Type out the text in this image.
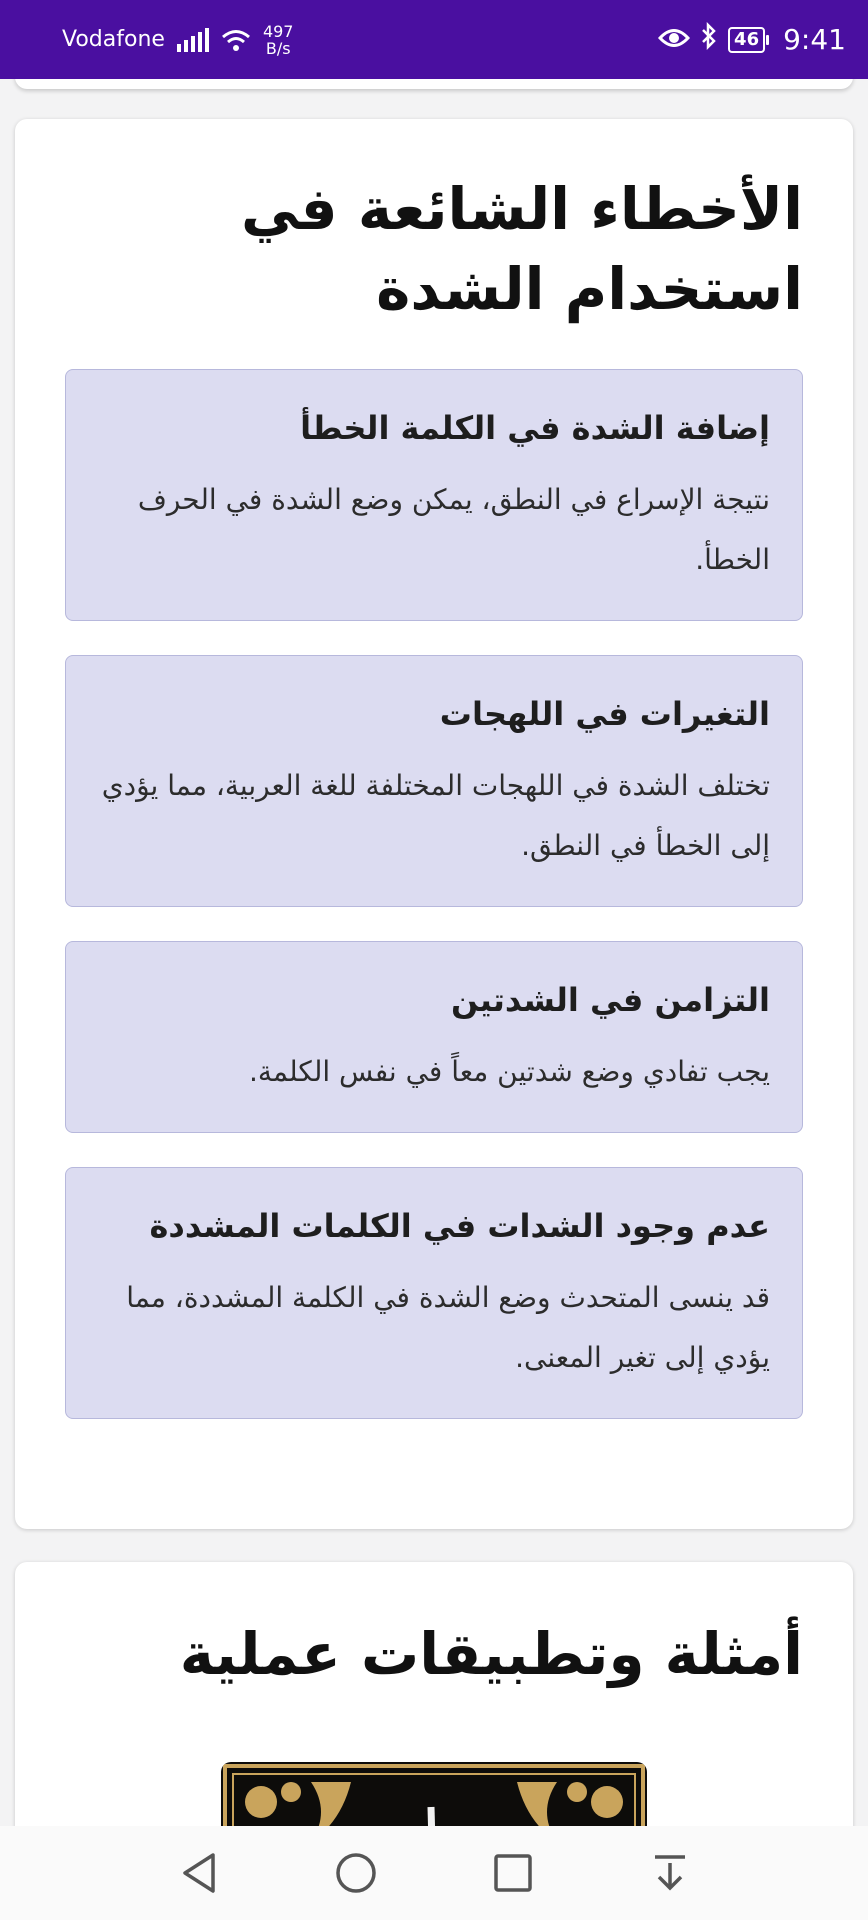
Vodafone	497
B/s	46 9:41
الأخطاء الشائعة في استخدام الشدة
إضافة الشدة في الكلمة الخطأ
نتيجة الإسراع في النطق، يمكن وضع الشدة في الحرف الخطأ.
التغيرات في اللهجات
تختلف الشدة في اللهجات المختلفة للغة العربية، مما يؤدي إلى الخطأ في النطق.
التزامن في الشدتين
يجب تفادي وضع شدتين معاً في نفس الكلمة.
عدم وجود الشدات في الكلمات المشددة
قد ينسى المتحدث وضع الشدة في الكلمة المشددة، مما يؤدي إلى تغير المعنى.
أمثلة وتطبيقات عملية
